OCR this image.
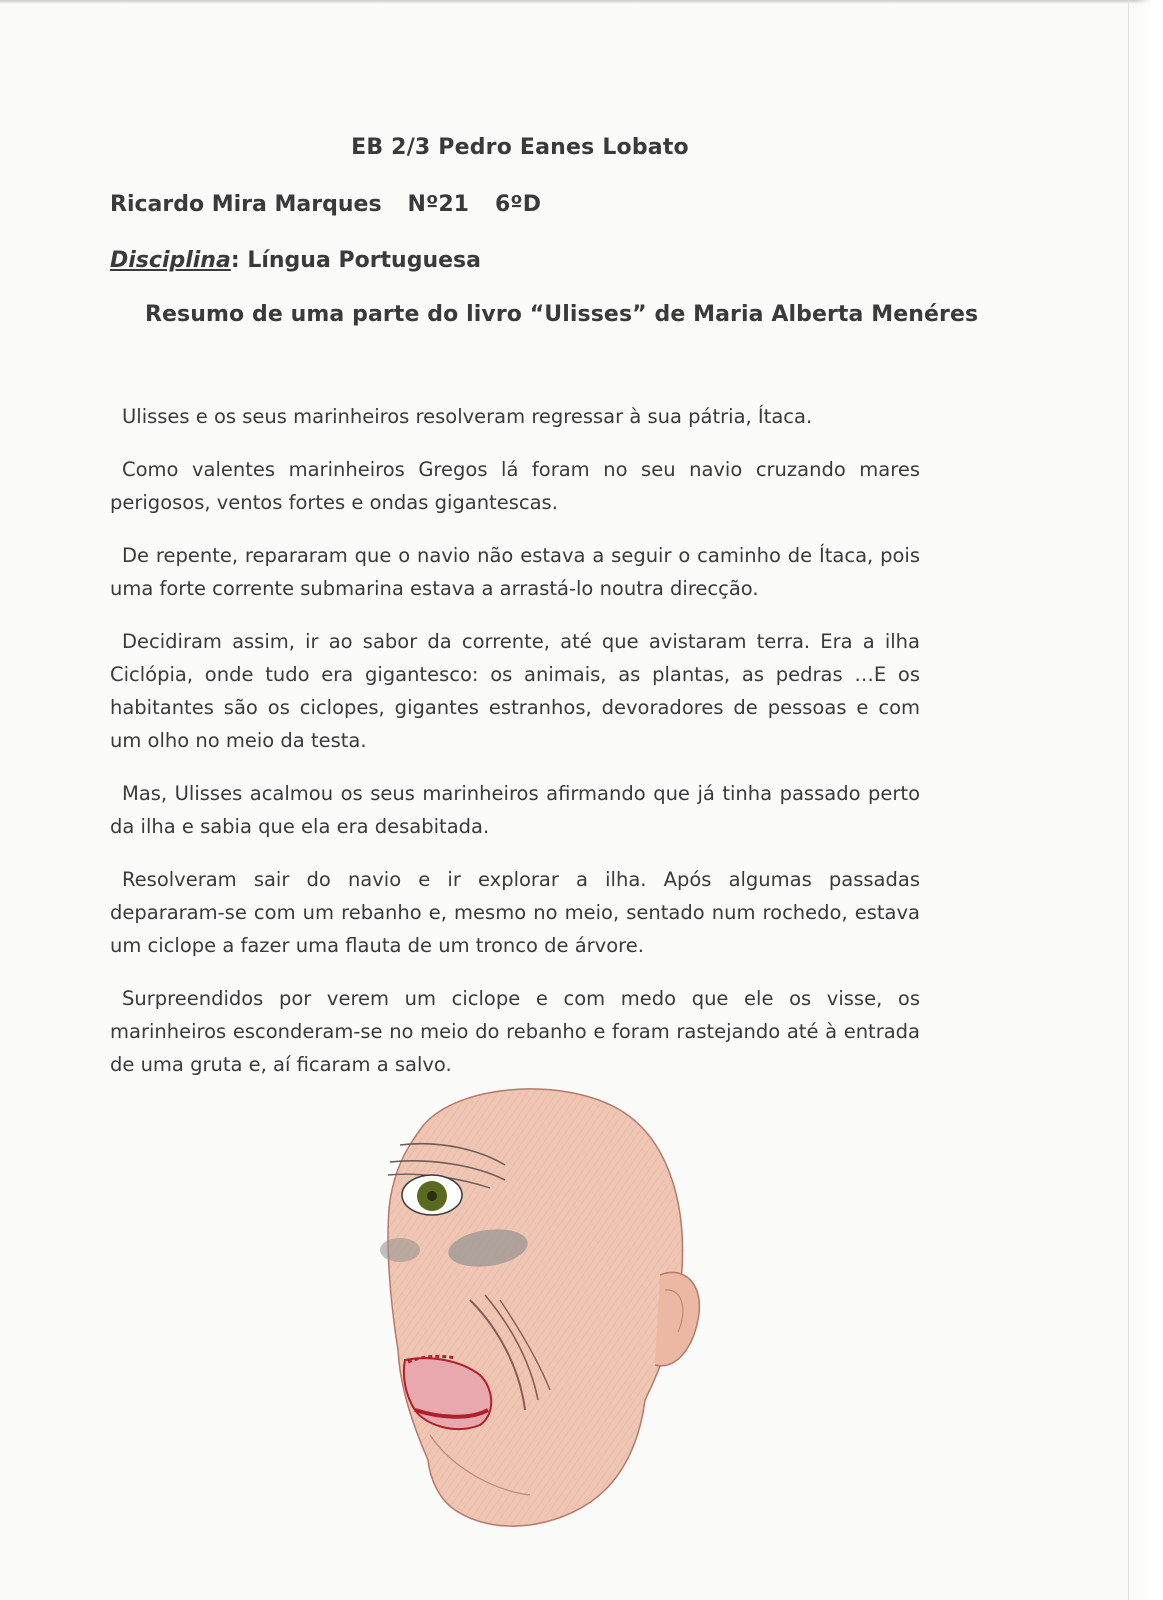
EB 2/3 Pedro Eanes Lobato
Ricardo Mira Marques Nº21 6ºD
Disciplina: Língua Portuguesa
Resumo de uma parte do livro “Ulisses” de Maria Alberta Menéres

Ulisses e os seus marinheiros resolveram regressar à sua pátria, Ítaca.

Como valentes marinheiros Gregos lá foram no seu navio cruzando mares perigosos, ventos fortes e ondas gigantescas.

De repente, repararam que o navio não estava a seguir o caminho de Ítaca, pois uma forte corrente submarina estava a arrastá-lo noutra direcção.

Decidiram assim, ir ao sabor da corrente, até que avistaram terra. Era a ilha Ciclópia, onde tudo era gigantesco: os animais, as plantas, as pedras …E os habitantes são os ciclopes, gigantes estranhos, devoradores de pessoas e com um olho no meio da testa.

Mas, Ulisses acalmou os seus marinheiros afirmando que já tinha passado perto da ilha e sabia que ela era desabitada.

Resolveram sair do navio e ir explorar a ilha. Após algumas passadas depararam-se com um rebanho e, mesmo no meio, sentado num rochedo, estava um ciclope a fazer uma flauta de um tronco de árvore.

Surpreendidos por verem um ciclope e com medo que ele os visse, os marinheiros esconderam-se no meio do rebanho e foram rastejando até à entrada de uma gruta e, aí ficaram a salvo.
